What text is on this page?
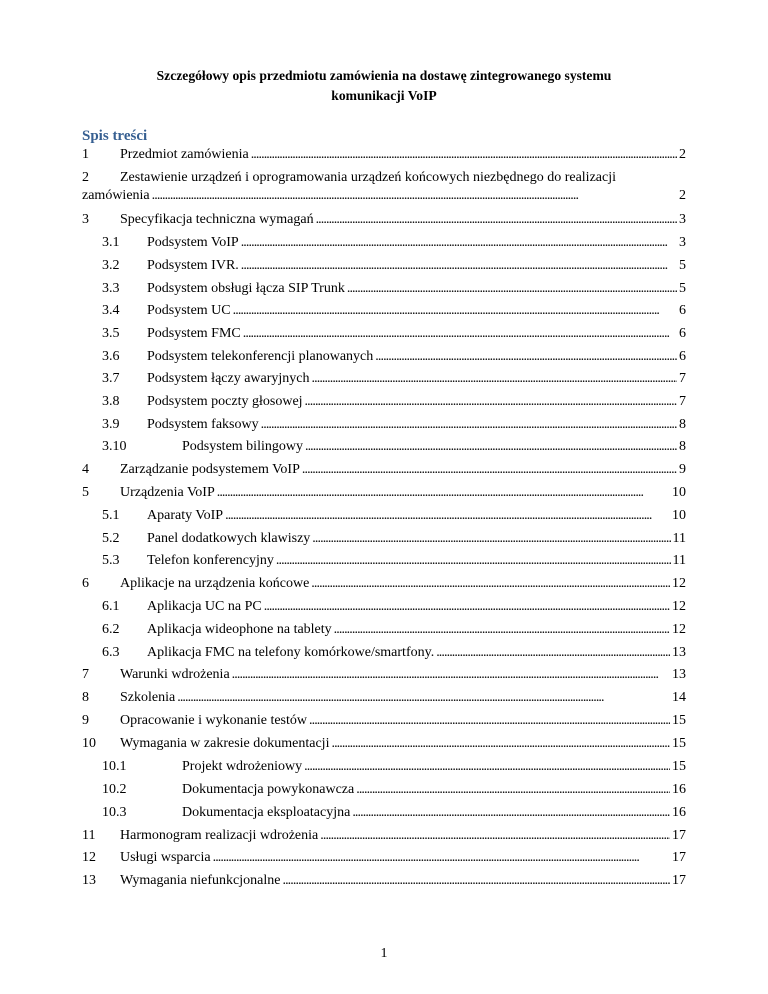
Szczegółowy opis przedmiotu zamówienia na dostawę zintegrowanego systemu
komunikacji VoIP
Spis treści
1	Przedmiot zamówienia . . .	2
2 Zestawienie urządzeń i oprogramowania urządzeń końcowych niezbędnego do realizacji
zamówienia . . .	2
3	Specyfikacja techniczna wymagań . . .	3
3.1	Podsystem VoIP . . .	3
3.2	Podsystem IVR. . . .	5
3.3	Podsystem obsługi łącza SIP Trunk . . .	5
3.4	Podsystem UC . . .	6
3.5	Podsystem FMC . . .	6
3.6	Podsystem telekonferencji planowanych . . .	6
3.7	Podsystem łączy awaryjnych . . .	7
3.8	Podsystem poczty głosowej . . .	7
3.9	Podsystem faksowy . . .	8
3.10	Podsystem bilingowy . . .	8
4	Zarządzanie podsystemem VoIP . . .	9
5	Urządzenia VoIP . . .	10
5.1	Aparaty VoIP . . .	10
5.2	Panel dodatkowych klawiszy . . .	11
5.3	Telefon konferencyjny . . .	11
6	Aplikacje na urządzenia końcowe . . .	12
6.1	Aplikacja UC na PC . . .	12
6.2	Aplikacja wideophone na tablety . . .	12
6.3	Aplikacja FMC na telefony komórkowe/smartfony. . . .	13
7	Warunki wdrożenia . . .	13
8	Szkolenia . . .	14
9	Opracowanie i wykonanie testów . . .	15
10	Wymagania w zakresie dokumentacji . . .	15
10.1	Projekt wdrożeniowy . . .	15
10.2	Dokumentacja powykonawcza . . .	16
10.3	Dokumentacja eksploatacyjna . . .	16
11	Harmonogram realizacji wdrożenia . . .	17
12	Usługi wsparcia . . .	17
13	Wymagania niefunkcjonalne . . .	17
1
